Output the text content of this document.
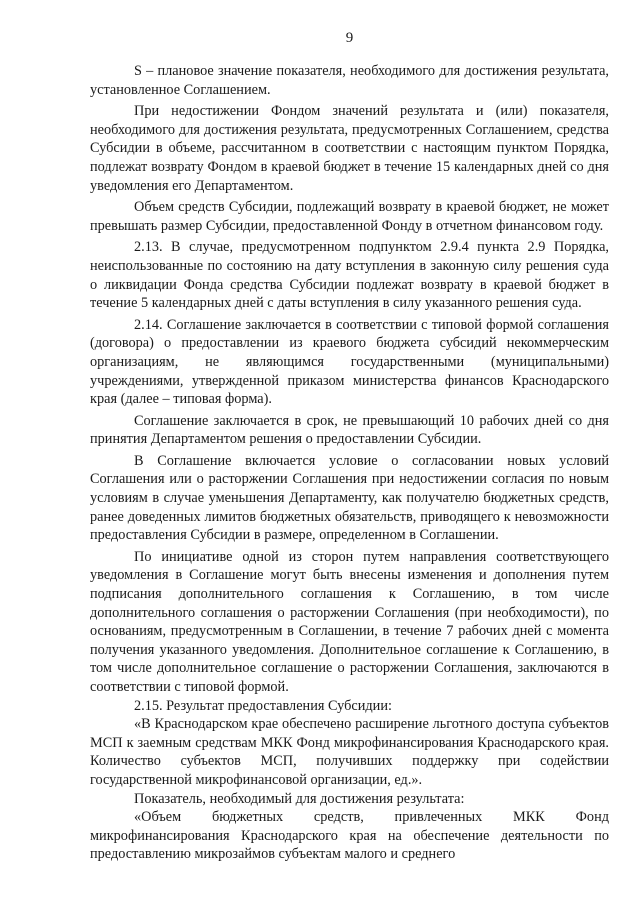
9

S – плановое значение показателя, необходимого для достижения результата, установленное Соглашением.

При недостижении Фондом значений результата и (или) показателя, необходимого для достижения результата, предусмотренных Соглашением, средства Субсидии в объеме, рассчитанном в соответствии с настоящим пунктом Порядка, подлежат возврату Фондом в краевой бюджет в течение 15 календарных дней со дня уведомления его Департаментом.

Объем средств Субсидии, подлежащий возврату в краевой бюджет, не может превышать размер Субсидии, предоставленной Фонду в отчетном финансовом году.

2.13. В случае, предусмотренном подпунктом 2.9.4 пункта 2.9 Порядка, неиспользованные по состоянию на дату вступления в законную силу решения суда о ликвидации Фонда средства Субсидии подлежат возврату в краевой бюджет в течение 5 календарных дней с даты вступления в силу указанного решения суда.

2.14. Соглашение заключается в соответствии с типовой формой соглашения (договора) о предоставлении из краевого бюджета субсидий некоммерческим организациям, не являющимся государственными (муниципальными) учреждениями, утвержденной приказом министерства финансов Краснодарского края (далее – типовая форма).

Соглашение заключается в срок, не превышающий 10 рабочих дней со дня принятия Департаментом решения о предоставлении Субсидии.

В Соглашение включается условие о согласовании новых условий Соглашения или о расторжении Соглашения при недостижении согласия по новым условиям в случае уменьшения Департаменту, как получателю бюджетных средств, ранее доведенных лимитов бюджетных обязательств, приводящего к невозможности предоставления Субсидии в размере, определенном в Соглашении.

По инициативе одной из сторон путем направления соответствующего уведомления в Соглашение могут быть внесены изменения и дополнения путем подписания дополнительного соглашения к Соглашению, в том числе дополнительного соглашения о расторжении Соглашения (при необходимости), по основаниям, предусмотренным в Соглашении, в течение 7 рабочих дней с момента получения указанного уведомления. Дополнительное соглашение к Соглашению, в том числе дополнительное соглашение о расторжении Соглашения, заключаются в соответствии с типовой формой.

2.15. Результат предоставления Субсидии:

«В Краснодарском крае обеспечено расширение льготного доступа субъектов МСП к заемным средствам МКК Фонд микрофинансирования Краснодарского края. Количество субъектов МСП, получивших поддержку при содействии государственной микрофинансовой организации, ед.».

Показатель, необходимый для достижения результата:

«Объем бюджетных средств, привлеченных МКК Фонд микрофинансирования Краснодарского края на обеспечение деятельности по предоставлению микрозаймов субъектам малого и среднего
